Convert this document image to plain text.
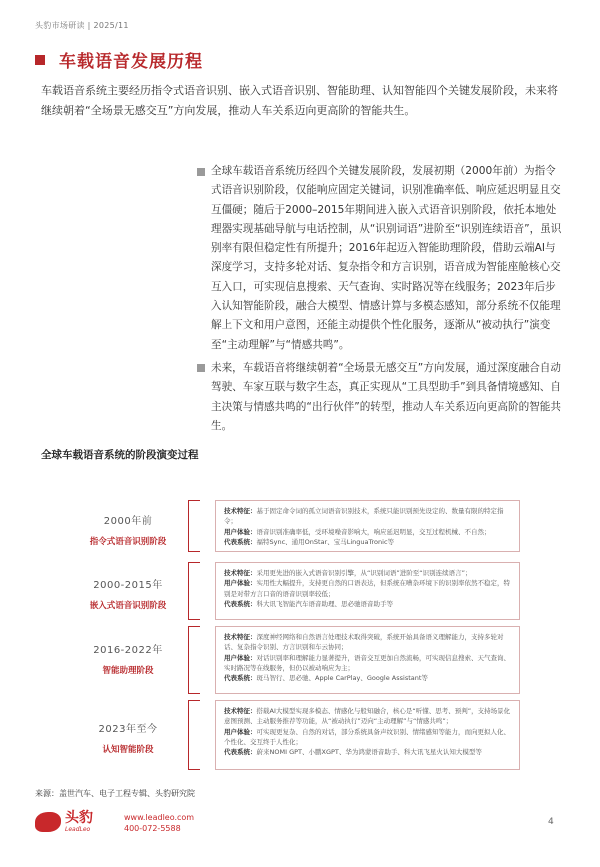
头豹市场研读 | 2025/11
车载语音发展历程
车载语音系统主要经历指令式语音识别、嵌入式语音识别、智能助理、认知智能四个关键发展阶段，未来将继续朝着“全场景无感交互”方向发展，推动人车关系迈向更高阶的智能共生。
全球车载语音系统历经四个关键发展阶段，发展初期（2000年前）为指令式语音识别阶段，仅能响应固定关键词，识别准确率低、响应延迟明显且交互僵硬；随后于2000–2015年期间进入嵌入式语音识别阶段，依托本地处理器实现基础导航与电话控制，从“识别词语”进阶至“识别连续语音”，虽识别率有限但稳定性有所提升；2016年起迈入智能助理阶段，借助云端AI与深度学习，支持多轮对话、复杂指令和方言识别，语音成为智能座舱核心交互入口，可实现信息搜索、天气查询、实时路况等在线服务；2023年后步入认知智能阶段，融合大模型、情感计算与多模态感知，部分系统不仅能理解上下文和用户意图，还能主动提供个性化服务，逐渐从“被动执行”演变至“主动理解”与“情感共鸣”。
未来，车载语音将继续朝着“全场景无感交互”方向发展，通过深度融合自动驾驶、车家互联与数字生态，真正实现从“工具型助手”到具备情境感知、自主决策与情感共鸣的“出行伙伴”的转型，推动人车关系迈向更高阶的智能共生。
全球车载语音系统的阶段演变过程
2000年前
指令式语音识别阶段
技术特征：基于固定命令词的孤立词语音识别技术，系统只能识别预先设定的、数量有限的特定指令；
用户体验：语音识别准确率低，受环境噪音影响大，响应延迟明显，交互过程机械、不自然；
代表系统：福特Sync、通用OnStar、宝马LinguaTronic等
2000-2015年
嵌入式语音识别阶段
技术特征：采用更先进的嵌入式语音识别引擎，从“识别词语”进阶至“识别连续语言”；
用户体验：实用性大幅提升，支持更自然的口语表达，但系统在嘈杂环境下的识别率依然不稳定，特别是对带方言口音的语音识别率较低；
代表系统：科大讯飞智能汽车语音助理、思必驰语音助手等
2016-2022年
智能助理阶段
技术特征：深度神经网络和自然语言处理技术取得突破，系统开始具备语义理解能力，支持多轮对话、复杂指令识别、方言识别和车云协同；
用户体验：对话识别率和理解能力显著提升，语音交互更加自然流畅，可实现信息搜索、天气查询、实时路况等在线服务，但仍以被动响应为主；
代表系统：斑马智行、思必驰、Apple CarPlay、Google Assistant等
2023年至今
认知智能阶段
技术特征：搭载AI大模型实现多模态、情感化与般知融合，核心是“听懂、思考、预判”，支持场景化意图预测、主动服务推荐等功能，从“被动执行”迈向“主动理解”与“情感共鸣”；
用户体验：可实现更复杂、自然的对话，部分系统具备声纹识别、情绪感知等能力，而向更拟人化、个性化、交互终于人性化；
代表系统：蔚来NOMI GPT、小鹏XGPT、华为鸿蒙语音助手、科大讯飞星火认知大模型等
来源：盖世汽车、电子工程专辑、头豹研究院
头豹
LeadLeo
www.leadleo.com
400-072-5588
4
